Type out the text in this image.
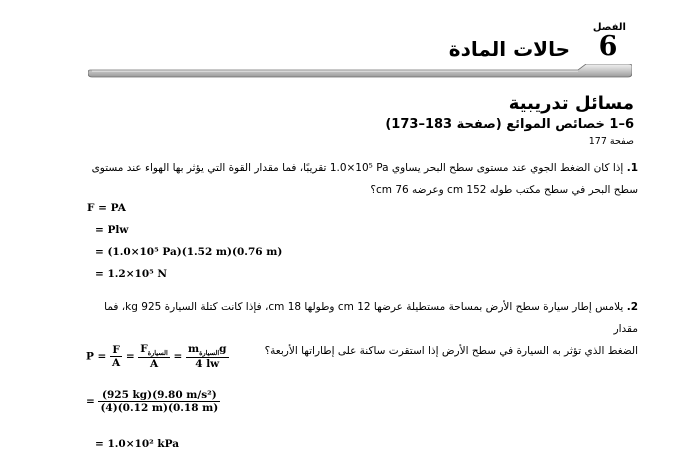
الفصل
6
حالات المادة
مسائل تدريبية
6–1 خصائص الموائع (صفحة 183–173)
صفحة 177
1. إذا كان الضغط الجوي عند مستوى سطح البحر يساوي 1.0×10⁵ Pa تقريبًا، فما مقدار القوة التي يؤثر بها الهواء عند مستوى
سطح البحر في سطح مكتب طوله 152 cm وعرضه 76 cm؟
F = PA
= Plw
= (1.0×10⁵ Pa)(1.52 m)(0.76 m)
= 1.2×10⁵ N
2. يلامس إطار سيارة سطح الأرض بمساحة مستطيلة عرضها 12 cm وطولها 18 cm، فإذا كانت كتلة السيارة 925 kg، فما مقدار
الضغط الذي تؤثر به السيارة في سطح الأرض إذا استقرت ساكنة على إطاراتها الأربعة؟
$P = \frac{F}{A} = \frac{F_{السيارة}}{A} = \frac{m_{السيارة}g}{4 lw}$
= $\frac{\text{(925 kg)(9.80 m/s²)}}{(4)(0.12 m)(0.18 m)}$
= 1.0×10² kPa
